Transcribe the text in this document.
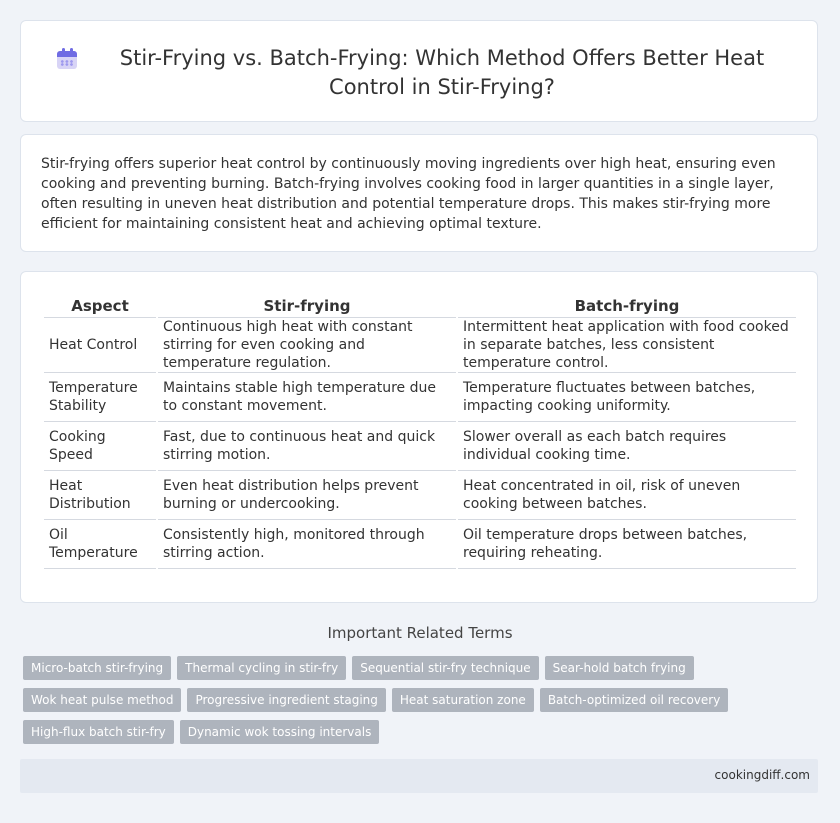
Stir-Frying vs. Batch-Frying: Which Method Offers Better Heat Control in Stir-Frying?

Stir-frying offers superior heat control by continuously moving ingredients over high heat, ensuring even cooking and preventing burning. Batch-frying involves cooking food in larger quantities in a single layer, often resulting in uneven heat distribution and potential temperature drops. This makes stir-frying more efficient for maintaining consistent heat and achieving optimal texture.

Aspect	Stir-frying	Batch-frying
Heat Control	Continuous high heat with constant stirring for even cooking and temperature regulation.	Intermittent heat application with food cooked in separate batches, less consistent temperature control.
Temperature Stability	Maintains stable high temperature due to constant movement.	Temperature fluctuates between batches, impacting cooking uniformity.
Cooking Speed	Fast, due to continuous heat and quick stirring motion.	Slower overall as each batch requires individual cooking time.
Heat Distribution	Even heat distribution helps prevent burning or undercooking.	Heat concentrated in oil, risk of uneven cooking between batches.
Oil Temperature	Consistently high, monitored through stirring action.	Oil temperature drops between batches, requiring reheating.
Important Related Terms
Micro-batch stir-frying	Thermal cycling in stir-fry	Sequential stir-fry technique	Sear-hold batch frying
Wok heat pulse method	Progressive ingredient staging	Heat saturation zone	Batch-optimized oil recovery
High-flux batch stir-fry	Dynamic wok tossing intervals
cookingdiff.com
